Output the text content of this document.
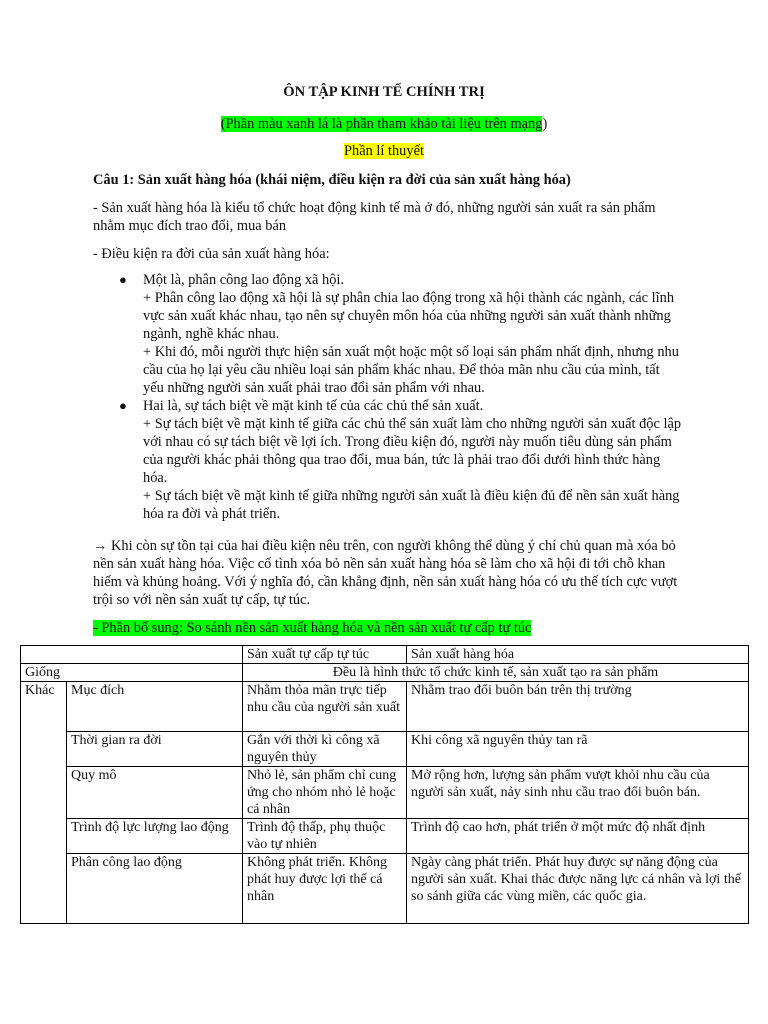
ÔN TẬP KINH TẾ CHÍNH TRỊ
(Phần màu xanh lá là phần tham khảo tài liệu trên mạng)
Phần lí thuyết
Câu 1: Sản xuất hàng hóa (khái niệm, điều kiện ra đời của sản xuất hàng hóa)
- Sản xuất hàng hóa là kiểu tổ chức hoạt động kinh tế mà ở đó, những người sản xuất ra sản phẩm nhằm mục đích trao đổi, mua bán
- Điều kiện ra đời của sản xuất hàng hóa:
● Một là, phân công lao động xã hội.
+ Phân công lao động xã hội là sự phân chia lao động trong xã hội thành các ngành, các lĩnh vực sản xuất khác nhau, tạo nên sự chuyên môn hóa của những người sản xuất thành những ngành, nghề khác nhau.
+ Khi đó, mỗi người thực hiện sản xuất một hoặc một số loại sản phẩm nhất định, nhưng nhu cầu của họ lại yêu cầu nhiều loại sản phẩm khác nhau. Để thỏa mãn nhu cầu của mình, tất yếu những người sản xuất phải trao đổi sản phẩm với nhau.
● Hai là, sự tách biệt về mặt kinh tế của các chủ thể sản xuất.
+ Sự tách biệt về mặt kinh tế giữa các chủ thể sản xuất làm cho những người sản xuất độc lập với nhau có sự tách biệt về lợi ích. Trong điều kiện đó, người này muốn tiêu dùng sản phẩm của người khác phải thông qua trao đổi, mua bán, tức là phải trao đổi dưới hình thức hàng hóa.
+ Sự tách biệt về mặt kinh tế giữa những người sản xuất là điều kiện đủ để nền sản xuất hàng hóa ra đời và phát triển.
→ Khi còn sự tồn tại của hai điều kiện nêu trên, con người không thể dùng ý chí chủ quan mà xóa bỏ nền sản xuất hàng hóa. Việc cố tình xóa bỏ nền sản xuất hàng hóa sẽ làm cho xã hội đi tới chỗ khan hiếm và khủng hoảng. Với ý nghĩa đó, cần khẳng định, nền sản xuất hàng hóa có ưu thế tích cực vượt trội so với nền sản xuất tự cấp, tự túc.
- Phần bổ sung: So sánh nền sản xuất hàng hóa và nền sản xuất tự cấp tự túc
		Sản xuất tự cấp tự túc	Sản xuất hàng hóa
Giống		Đều là hình thức tổ chức kinh tế, sản xuất tạo ra sản phẩm	
Khác	Mục đích	Nhằm thỏa mãn trực tiếp nhu cầu của người sản xuất	Nhằm trao đổi buôn bán trên thị trường
	Thời gian ra đời	Gắn với thời kì công xã nguyên thủy	Khi công xã nguyên thủy tan rã
	Quy mô	Nhỏ lẻ, sản phẩm chỉ cung ứng cho nhóm nhỏ lẻ hoặc cá nhân	Mở rộng hơn, lượng sản phẩm vượt khỏi nhu cầu của người sản xuất, nảy sinh nhu cầu trao đổi buôn bán.
	Trình độ lực lượng lao động	Trình độ thấp, phụ thuộc vào tự nhiên	Trình độ cao hơn, phát triển ở một mức độ nhất định
	Phân công lao động	Không phát triển. Không phát huy được lợi thế cá nhân	Ngày càng phát triển. Phát huy được sự năng động của người sản xuất. Khai thác được năng lực cá nhân và lợi thế so sánh giữa các vùng miền, các quốc gia.
